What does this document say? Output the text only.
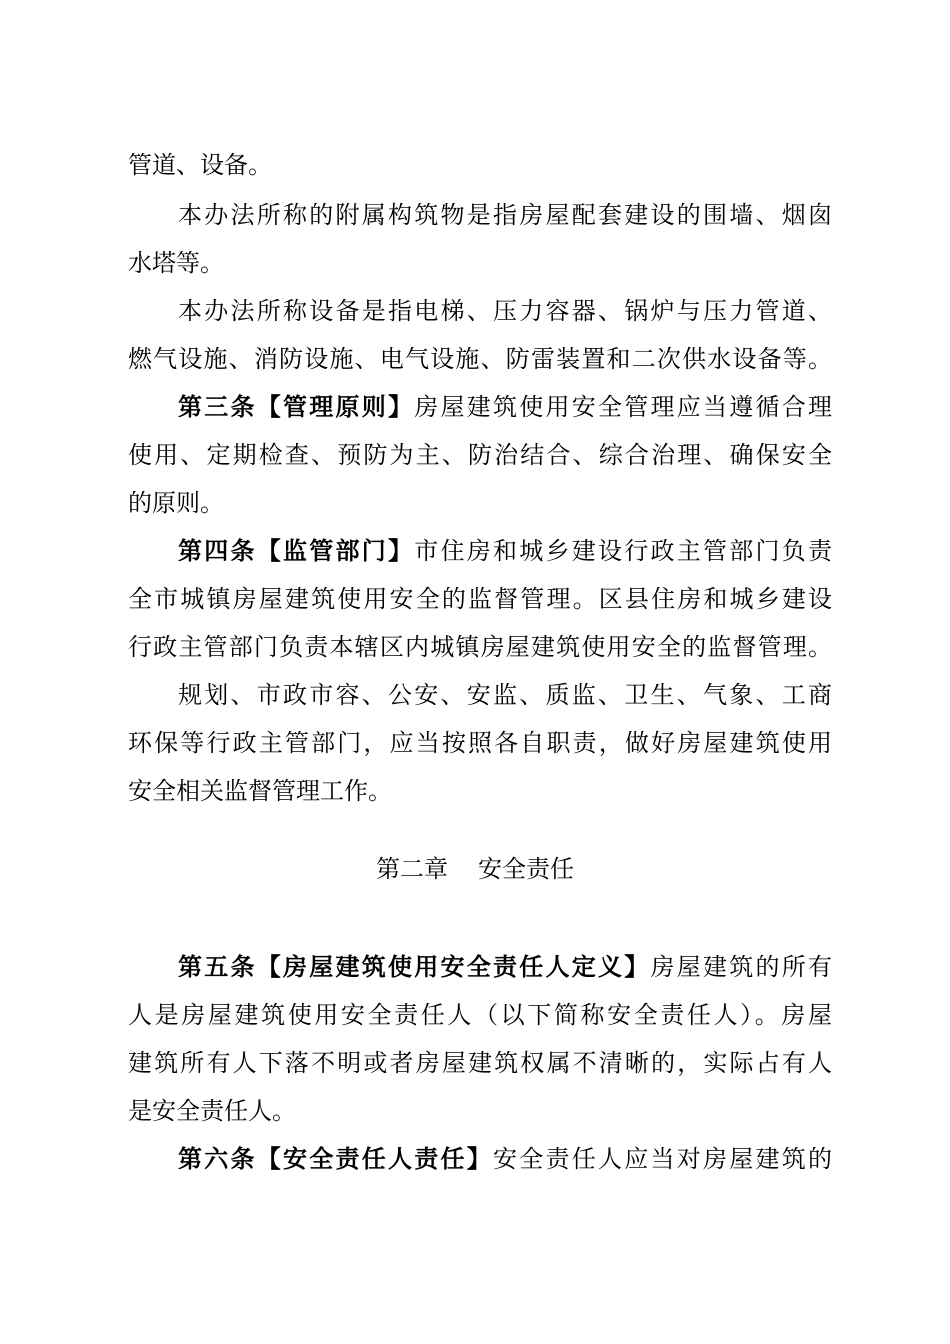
管道、设备。
本办法所称的附属构筑物是指房屋配套建设的围墙、烟囱
水塔等。
本办法所称设备是指电梯、压力容器、锅炉与压力管道、
燃气设施、消防设施、电气设施、防雷装置和二次供水设备等。
第三条【管理原则】房屋建筑使用安全管理应当遵循合理
使用、定期检查、预防为主、防治结合、综合治理、确保安全
的原则。
第四条【监管部门】市住房和城乡建设行政主管部门负责
全市城镇房屋建筑使用安全的监督管理。区县住房和城乡建设
行政主管部门负责本辖区内城镇房屋建筑使用安全的监督管理。
规划、市政市容、公安、安监、质监、卫生、气象、工商
环保等行政主管部门，应当按照各自职责，做好房屋建筑使用
安全相关监督管理工作。
第二章 安全责任
第五条【房屋建筑使用安全责任人定义】房屋建筑的所有
人是房屋建筑使用安全责任人（以下简称安全责任人）。房屋
建筑所有人下落不明或者房屋建筑权属不清晰的，实际占有人
是安全责任人。
第六条【安全责任人责任】安全责任人应当对房屋建筑的
